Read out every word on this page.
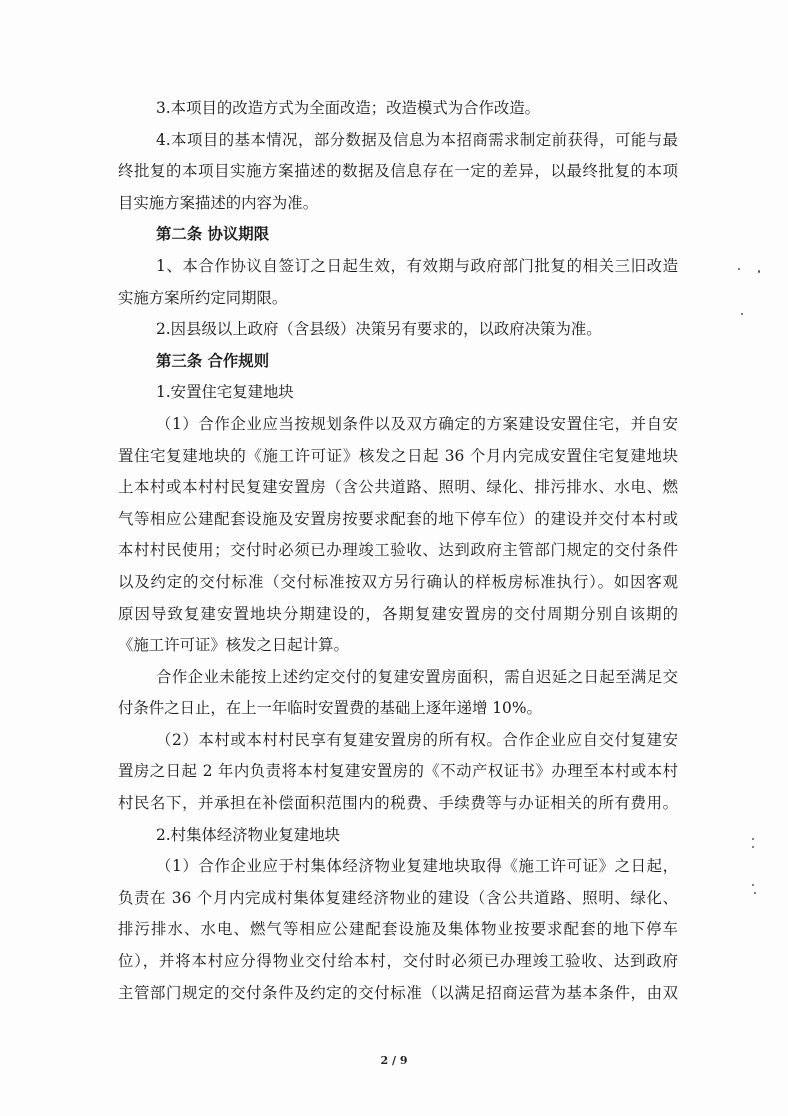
3.本项目的改造方式为全面改造；改造模式为合作改造。
4.本项目的基本情况，部分数据及信息为本招商需求制定前获得，可能与最
终批复的本项目实施方案描述的数据及信息存在一定的差异，以最终批复的本项
目实施方案描述的内容为准。
第二条 协议期限
1、本合作协议自签订之日起生效，有效期与政府部门批复的相关三旧改造
实施方案所约定同期限。
2.因县级以上政府（含县级）决策另有要求的，以政府决策为准。
第三条 合作规则
1.安置住宅复建地块
（1）合作企业应当按规划条件以及双方确定的方案建设安置住宅，并自安
置住宅复建地块的《施工许可证》核发之日起 36 个月内完成安置住宅复建地块
上本村或本村村民复建安置房（含公共道路、照明、绿化、排污排水、水电、燃
气等相应公建配套设施及安置房按要求配套的地下停车位）的建设并交付本村或
本村村民使用；交付时必须已办理竣工验收、达到政府主管部门规定的交付条件
以及约定的交付标准（交付标准按双方另行确认的样板房标准执行）。如因客观
原因导致复建安置地块分期建设的，各期复建安置房的交付周期分别自该期的
《施工许可证》核发之日起计算。
合作企业未能按上述约定交付的复建安置房面积，需自迟延之日起至满足交
付条件之日止，在上一年临时安置费的基础上逐年递增 10%。
（2）本村或本村村民享有复建安置房的所有权。合作企业应自交付复建安
置房之日起 2 年内负责将本村复建安置房的《不动产权证书》办理至本村或本村
村民名下，并承担在补偿面积范围内的税费、手续费等与办证相关的所有费用。
2.村集体经济物业复建地块
（1）合作企业应于村集体经济物业复建地块取得《施工许可证》之日起，
负责在 36 个月内完成村集体复建经济物业的建设（含公共道路、照明、绿化、
排污排水、水电、燃气等相应公建配套设施及集体物业按要求配套的地下停车
位），并将本村应分得物业交付给本村，交付时必须已办理竣工验收、达到政府
主管部门规定的交付条件及约定的交付标准（以满足招商运营为基本条件，由双
2 / 9
